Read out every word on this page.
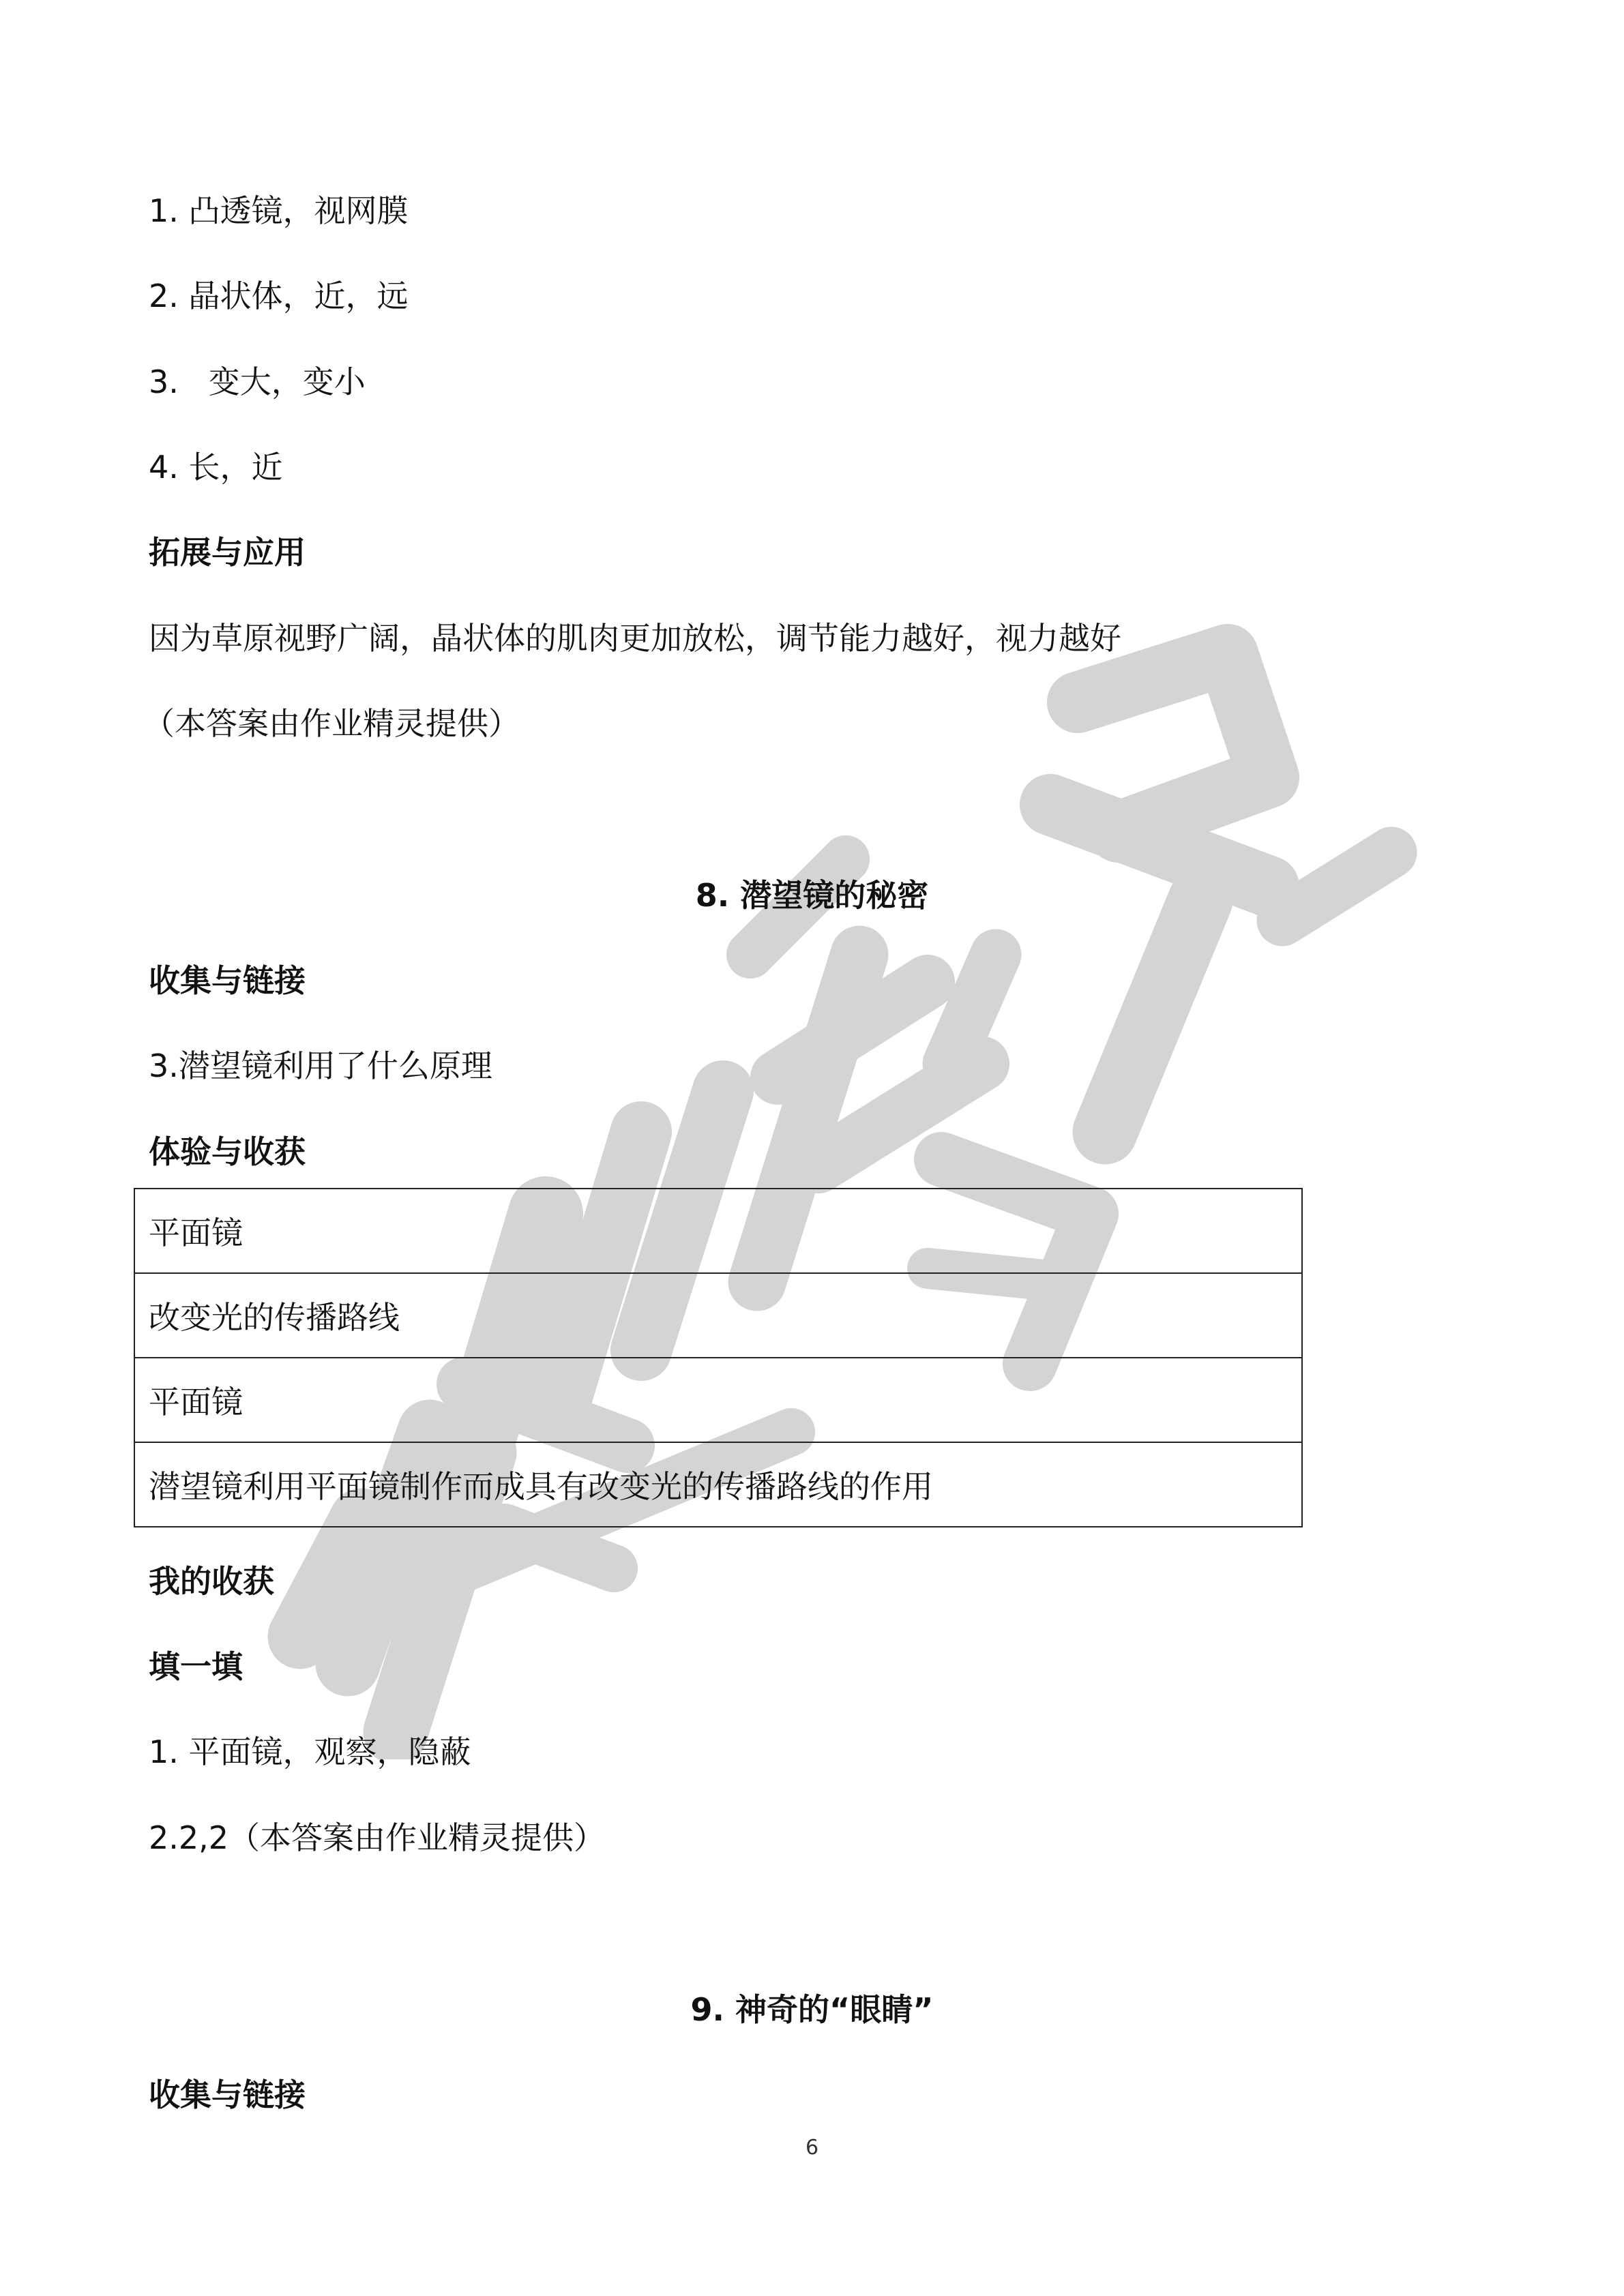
1. 凸透镜，视网膜

2. 晶状体，近，远

3.   变大，变小

4. 长，近

拓展与应用

因为草原视野广阔，晶状体的肌肉更加放松，调节能力越好，视力越好

（本答案由作业精灵提供）

8. 潜望镜的秘密

收集与链接

3.潜望镜利用了什么原理

体验与收获

平面镜
改变光的传播路线
平面镜
潜望镜利用平面镜制作而成具有改变光的传播路线的作用

我的收获

填一填

1. 平面镜，观察，隐蔽

2.2,2（本答案由作业精灵提供）

9. 神奇的“眼睛”

收集与链接

6
